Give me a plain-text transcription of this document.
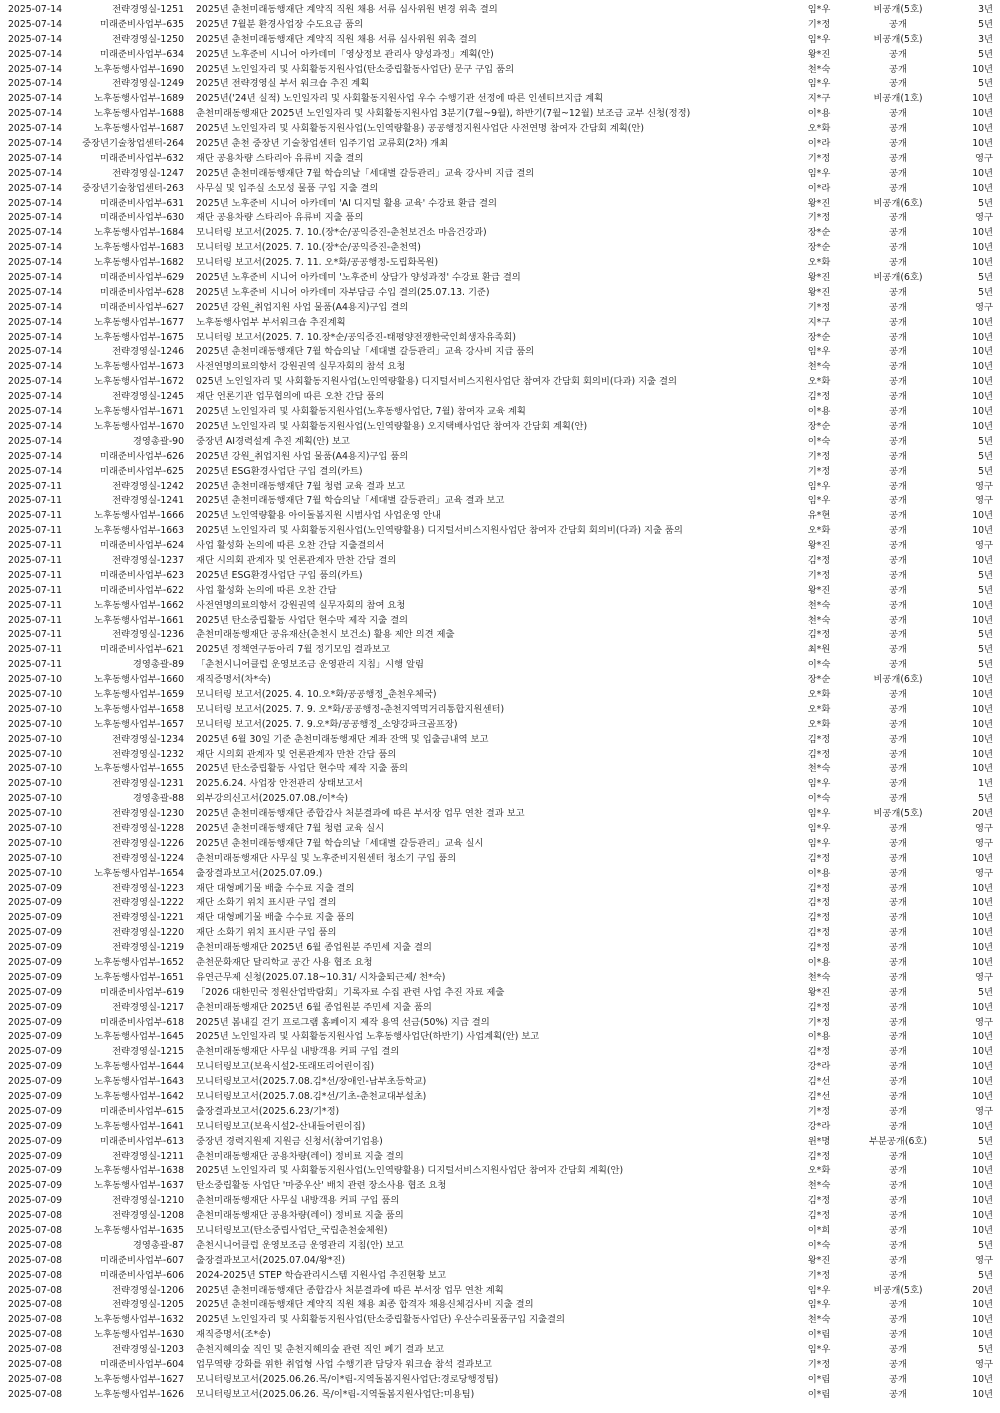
2025-07-14	전략경영실-1251	2025년 춘천미래동행재단 계약직 직원 채용 서류 심사위원 변경 위촉 결의	임*우	비공개(5호)	3년
2025-07-14	미래준비사업부-635	2025년 7월분 환경사업장 수도요금 품의	기*정	공개	5년
2025-07-14	전략경영실-1250	2025년 춘천미래동행재단 계약직 직원 채용 서류 심사위원 위촉 결의	임*우	비공개(5호)	3년
2025-07-14	미래준비사업부-634	2025년 노후준비 시니어 아카데미「영상정보 관리사 양성과정」계획(안)	왕*진	공개	5년
2025-07-14	노후동행사업부-1690	2025년 노인일자리 및 사회활동지원사업(탄소중립활동사업단) 문구 구입 품의	천*숙	공개	10년
2025-07-14	전략경영실-1249	2025년 전략경영실 부서 워크숍 추진 계획	임*우	공개	5년
2025-07-14	노후동행사업부-1689	2025년('24년 실적) 노인일자리 및 사회활동지원사업 우수 수행기관 선정에 따른 인센티브지급 계획	지*구	비공개(1호)	10년
2025-07-14	노후동행사업부-1688	춘천미래동행재단 2025년 노인일자리 및 사회활동지원사업 3분기(7월~9월), 하반기(7월~12월) 보조금 교부 신청(정정)	이*용	공개	10년
2025-07-14	노후동행사업부-1687	2025년 노인일자리 및 사회활동지원사업(노인역량활용) 공공행정지원사업단 사전연명 참여자 간담회 계획(안)	오*화	공개	10년
2025-07-14	중장년기술창업센터-264	2025년 춘천 중장년 기술창업센터 입주기업 교류회(2차) 개최	이*라	공개	10년
2025-07-14	미래준비사업부-632	재단 공용차량 스타리아 유류비 지출 결의	기*정	공개	영구
2025-07-14	전략경영실-1247	2025년 춘천미래동행재단 7월 학습의날「세대별 갈등관리」교육 강사비 지급 결의	임*우	공개	10년
2025-07-14	중장년기술창업센터-263	사무실 및 입주실 소모성 물품 구입 지출 결의	이*라	공개	10년
2025-07-14	미래준비사업부-631	2025년 노후준비 시니어 아카데미 'AI 디지털 활용 교육' 수강료 환급 결의	왕*진	비공개(6호)	5년
2025-07-14	미래준비사업부-630	재단 공용차량 스타리아 유류비 지출 품의	기*정	공개	영구
2025-07-14	노후동행사업부-1684	모니터링 보고서(2025. 7. 10.(장*순/공익증진-춘천보건소 마음건강과)	장*순	공개	10년
2025-07-14	노후동행사업부-1683	모니터링 보고서(2025. 7. 10.(장*순/공익증진-춘천역)	장*순	공개	10년
2025-07-14	노후동행사업부-1682	모니터링 보고서(2025. 7. 11. 오*화/공공행정-도립화목원)	오*화	공개	10년
2025-07-14	미래준비사업부-629	2025년 노후준비 시니어 아카데미 '노후준비 상담가 양성과정' 수강료 환급 결의	왕*진	비공개(6호)	5년
2025-07-14	미래준비사업부-628	2025년 노후준비 시니어 아카데미 자부담금 수입 결의(25.07.13. 기준)	왕*진	공개	5년
2025-07-14	미래준비사업부-627	2025년 강원_취업지원 사업 물품(A4용지)구입 결의	기*정	공개	영구
2025-07-14	노후동행사업부-1677	노후동행사업부 부서워크숍 추진계획	지*구	공개	10년
2025-07-14	노후동행사업부-1675	모니터링 보고서(2025. 7. 10.장*순/공익증진-태평양전쟁한국인희생자유족회)	장*순	공개	10년
2025-07-14	전략경영실-1246	2025년 춘천미래동행재단 7월 학습의날「세대별 갈등관리」교육 강사비 지급 품의	임*우	공개	10년
2025-07-14	노후동행사업부-1673	사전연명의료의향서 강원권역 실무자회의 참석 요청	천*숙	공개	10년
2025-07-14	노후동행사업부-1672	025년 노인일자리 및 사회활동지원사업(노인역량활용) 디지털서비스지원사업단 참여자 간담회 회의비(다과) 지출 결의	오*화	공개	10년
2025-07-14	전략경영실-1245	재단 언론기관 업무협의에 따른 오찬 간담 품의	김*정	공개	10년
2025-07-14	노후동행사업부-1671	2025년 노인일자리 및 사회활동지원사업(노후동행사업단, 7월) 참여자 교육 계획	이*용	공개	10년
2025-07-14	노후동행사업부-1670	2025년 노인일자리 및 사회활동지원사업(노인역량활용) 오지택배사업단 참여자 간담회 계획(안)	장*순	공개	10년
2025-07-14	경영총괄-90	중장년 AI경력설계 추진 계획(안) 보고	이*숙	공개	5년
2025-07-14	미래준비사업부-626	2025년 강원_취업지원 사업 물품(A4용지)구입 품의	기*정	공개	5년
2025-07-14	미래준비사업부-625	2025년 ESG환경사업단 구입 결의(카트)	기*정	공개	5년
2025-07-11	전략경영실-1242	2025년 춘천미래동행재단 7월 청렴 교육 결과 보고	임*우	공개	영구
2025-07-11	전략경영실-1241	2025년 춘천미래동행재단 7월 학습의날「세대별 갈등관리」교육 결과 보고	임*우	공개	영구
2025-07-11	노후동행사업부-1666	2025년 노인역량활용 아이돌봄지원 시범사업 사업운영 안내	유*현	공개	10년
2025-07-11	노후동행사업부-1663	2025년 노인일자리 및 사회활동지원사업(노인역량활용) 디지털서비스지원사업단 참여자 간담회 회의비(다과) 지출 품의	오*화	공개	10년
2025-07-11	미래준비사업부-624	사업 활성화 논의에 따른 오찬 간담 지출결의서	왕*진	공개	영구
2025-07-11	전략경영실-1237	재단 시의회 관계자 및 언론관계자 만찬 간담 결의	김*정	공개	10년
2025-07-11	미래준비사업부-623	2025년 ESG환경사업단 구입 품의(카트)	기*정	공개	5년
2025-07-11	미래준비사업부-622	사업 활성화 논의에 따른 오찬 간담	왕*진	공개	5년
2025-07-11	노후동행사업부-1662	사전연명의료의향서 강원권역 실무자회의 참여 요청	천*숙	공개	10년
2025-07-11	노후동행사업부-1661	2025년 탄소중립활동 사업단 현수막 제작 지출 결의	천*숙	공개	10년
2025-07-11	전략경영실-1236	춘천미래동행재단 공유재산(춘천시 보건소) 활용 제안 의견 제출	김*정	공개	5년
2025-07-11	미래준비사업부-621	2025년 정책연구동아리 7월 정기모임 결과보고	최*원	공개	5년
2025-07-11	경영총괄-89	「춘천시니어클럽 운영보조금 운영관리 지침」시행 알림	이*숙	공개	5년
2025-07-10	노후동행사업부-1660	재직증명서(차*숙)	장*순	비공개(6호)	10년
2025-07-10	노후동행사업부-1659	모니터링 보고서(2025. 4. 10.오*화/공공행정_춘천우체국)	오*화	공개	10년
2025-07-10	노후동행사업부-1658	모니터링 보고서(2025. 7. 9. 오*화/공공행정-춘천지역먹거리통합지원센터)	오*화	공개	10년
2025-07-10	노후동행사업부-1657	모니터링 보고서(2025. 7. 9.오*화/공공행정_소양강파크골프장)	오*화	공개	10년
2025-07-10	전략경영실-1234	2025년 6월 30일 기준 춘천미래동행재단 계좌 잔액 및 입출금내역 보고	김*정	공개	10년
2025-07-10	전략경영실-1232	재단 시의회 관계자 및 언론관계자 만찬 간담 품의	김*정	공개	10년
2025-07-10	노후동행사업부-1655	2025년 탄소중립활동 사업단 현수막 제작 지출 품의	천*숙	공개	10년
2025-07-10	전략경영실-1231	2025.6.24. 사업장 안전관리 상태보고서	임*우	공개	1년
2025-07-10	경영총괄-88	외부강의신고서(2025.07.08./이*숙)	이*숙	공개	5년
2025-07-10	전략경영실-1230	2025년 춘천미래동행재단 종합감사 처분결과에 따른 부서장 업무 연찬 결과 보고	임*우	비공개(5호)	20년
2025-07-10	전략경영실-1228	2025년 춘천미래동행재단 7월 청렴 교육 실시	임*우	공개	영구
2025-07-10	전략경영실-1226	2025년 춘천미래동행재단 7월 학습의날「세대별 갈등관리」교육 실시	임*우	공개	영구
2025-07-10	전략경영실-1224	춘천미래동행재단 사무실 및 노후준비지원센터 청소기 구입 품의	김*정	공개	10년
2025-07-10	노후동행사업부-1654	출장결과보고서(2025.07.09.)	이*용	공개	영구
2025-07-09	전략경영실-1223	재단 대형폐기물 배출 수수료 지출 결의	김*정	공개	10년
2025-07-09	전략경영실-1222	재단 소화기 위치 표시판 구입 결의	김*정	공개	10년
2025-07-09	전략경영실-1221	재단 대형폐기물 배출 수수료 지출 품의	김*정	공개	10년
2025-07-09	전략경영실-1220	재단 소화기 위치 표시판 구입 품의	김*정	공개	10년
2025-07-09	전략경영실-1219	춘천미래동행재단 2025년 6월 종업원분 주민세 지출 결의	김*정	공개	10년
2025-07-09	노후동행사업부-1652	춘천문화재단 달리학교 공간 사용 협조 요청	이*용	공개	10년
2025-07-09	노후동행사업부-1651	유연근무제 신청(2025.07.18~10.31/ 시차출퇴근제/ 천*숙)	천*숙	공개	영구
2025-07-09	미래준비사업부-619	「2026 대한민국 정원산업박람회」기록자료 수집 관련 사업 추진 자료 제출	왕*진	공개	5년
2025-07-09	전략경영실-1217	춘천미래동행재단 2025년 6월 종업원분 주민세 지출 품의	김*정	공개	10년
2025-07-09	미래준비사업부-618	2025년 봄내길 걷기 프로그램 홈페이지 제작 용역 선금(50%) 지급 결의	기*정	공개	영구
2025-07-09	노후동행사업부-1645	2025년 노인일자리 및 사회활동지원사업 노후동행사업단(하반기) 사업계획(안) 보고	이*용	공개	10년
2025-07-09	전략경영실-1215	춘천미래동행재단 사무실 내방객용 커피 구입 결의	김*정	공개	10년
2025-07-09	노후동행사업부-1644	모니터링보고(보육시설2-또래또리어린이집)	강*라	공개	10년
2025-07-09	노후동행사업부-1643	모니터링보고서(2025.7.08.김*선/장애인-남부초등학교)	김*선	공개	10년
2025-07-09	노후동행사업부-1642	모니터링보고서(2025.7.08.김*선/기초-춘천교대부설초)	김*선	공개	10년
2025-07-09	미래준비사업부-615	출장결과보고서(2025.6.23/기*정)	기*정	공개	영구
2025-07-09	노후동행사업부-1641	모니터링보고(보육시설2-산내들어린이집)	강*라	공개	10년
2025-07-09	미래준비사업부-613	중장년 경력지원제 지원금 신청서(참여기업용)	윈*명	부분공개(6호)	5년
2025-07-09	전략경영실-1211	춘천미래동행재단 공용차량(레이) 정비료 지출 결의	김*정	공개	10년
2025-07-09	노후동행사업부-1638	2025년 노인일자리 및 사회활동지원사업(노인역량활용) 디지털서비스지원사업단 참여자 간담회 계획(안)	오*화	공개	10년
2025-07-09	노후동행사업부-1637	탄소중립활동 사업단 '마중우산' 배치 관련 장소사용 협조 요청	천*숙	공개	10년
2025-07-09	전략경영실-1210	춘천미래동행재단 사무실 내방객용 커피 구입 품의	김*정	공개	10년
2025-07-08	전략경영실-1208	춘천미래동행재단 공용차량(레이) 정비료 지출 품의	김*정	공개	10년
2025-07-08	노후동행사업부-1635	모니터링보고(탄소중립사업단_국립춘천숲체원)	이*희	공개	10년
2025-07-08	경영총괄-87	춘천시니어클럽 운영보조금 운영관리 지침(안) 보고	이*숙	공개	5년
2025-07-08	미래준비사업부-607	출장결과보고서(2025.07.04/왕*진)	왕*진	공개	영구
2025-07-08	미래준비사업부-606	2024-2025년 STEP 학습관리시스템 지원사업 추진현황 보고	기*정	공개	5년
2025-07-08	전략경영실-1206	2025년 춘천미래동행재단 종합감사 처분결과에 따른 부서장 업무 연찬 계획	임*우	비공개(5호)	20년
2025-07-08	전략경영실-1205	2025년 춘천미래동행재단 계약직 직원 채용 최종 합격자 채용신체검사비 지출 결의	임*우	공개	10년
2025-07-08	노후동행사업부-1632	2025년 노인일자리 및 사회활동지원사업(탄소중립활동사업단) 우산수리물품구입 지출결의	천*숙	공개	10년
2025-07-08	노후동행사업부-1630	재직증명서(조*송)	이*림	공개	10년
2025-07-08	전략경영실-1203	춘천지혜의숲 직인 및 춘천지혜의숲 관련 직인 폐기 결과 보고	임*우	공개	5년
2025-07-08	미래준비사업부-604	업무역량 강화를 위한 취업형 사업 수행기관 담당자 워크숍 참석 결과보고	기*정	공개	영구
2025-07-08	노후동행사업부-1627	모니터링보고서(2025.06.26.목/이*림-지역돌봄지원사업단:경로당행정팀)	이*림	공개	10년
2025-07-08	노후동행사업부-1626	모니터링보고서(2025.06.26. 목/이*림-지역돌봄지원사업단:미용팀)	이*림	공개	10년
